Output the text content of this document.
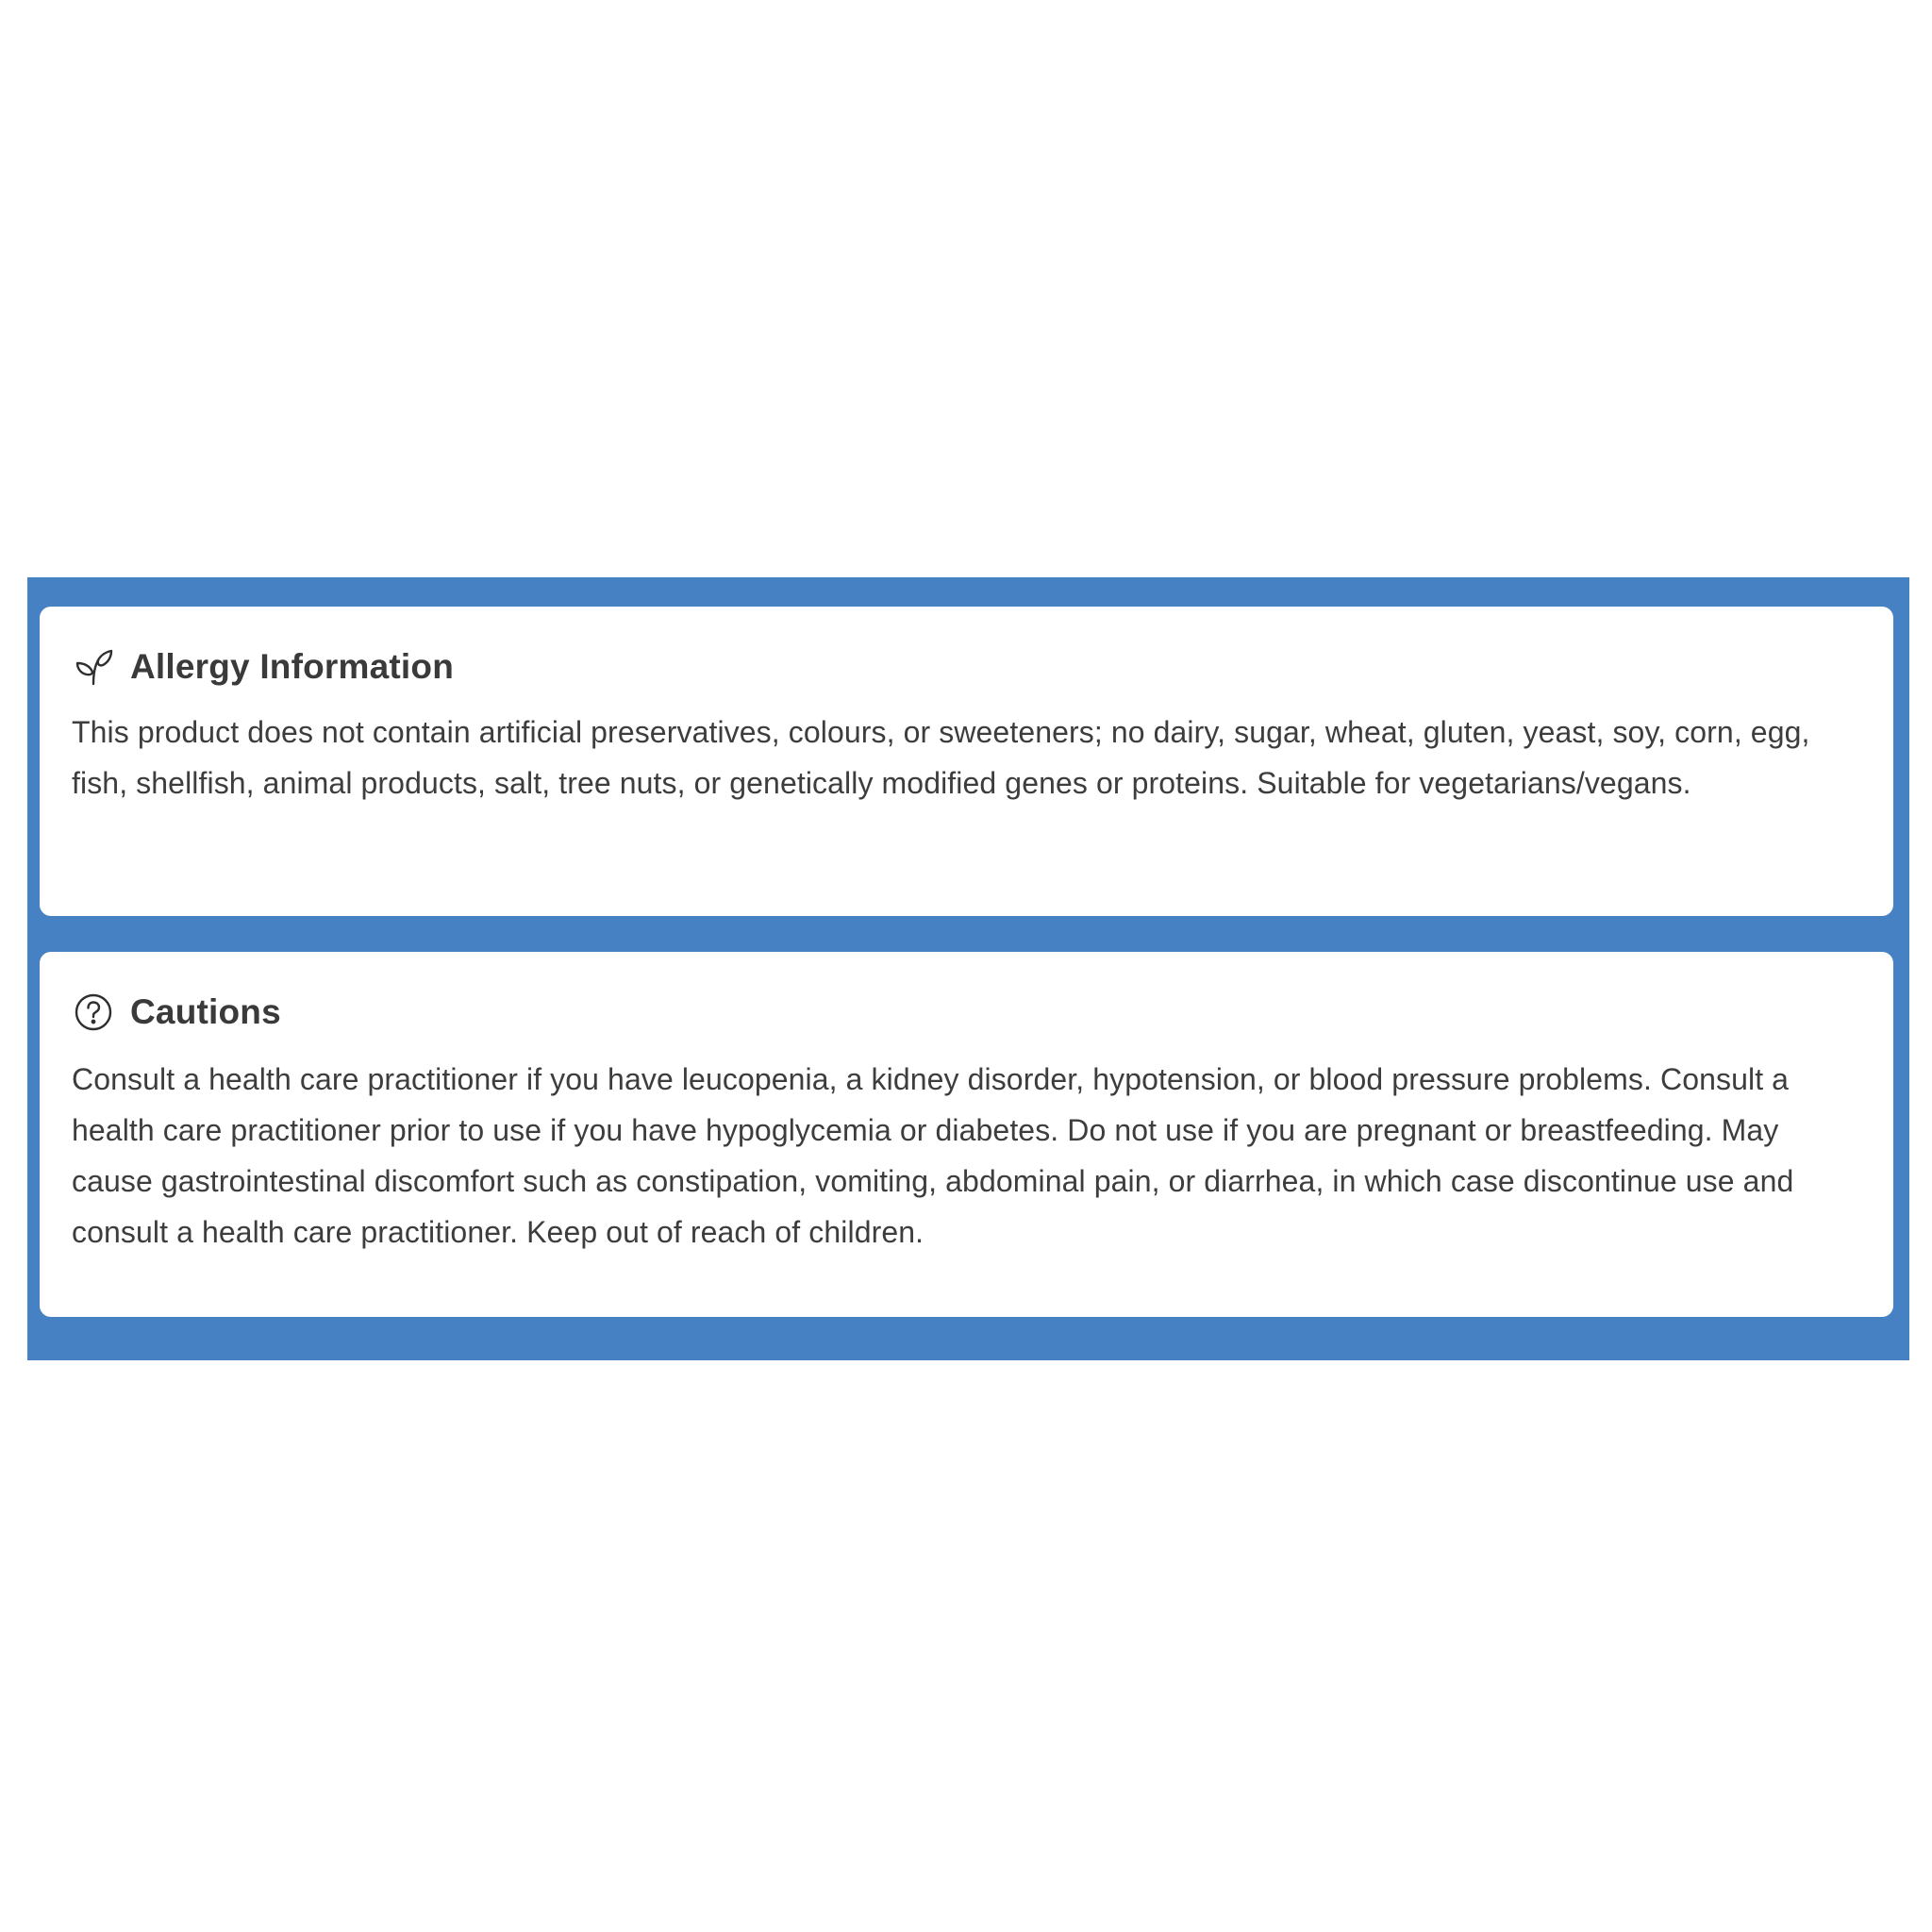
Allergy Information
This product does not contain artificial preservatives, colours, or sweeteners; no dairy, sugar, wheat, gluten, yeast, soy, corn, egg, fish, shellfish, animal products, salt, tree nuts, or genetically modified genes or proteins. Suitable for vegetarians/vegans.
Cautions
Consult a health care practitioner if you have leucopenia, a kidney disorder, hypotension, or blood pressure problems. Consult a health care practitioner prior to use if you have hypoglycemia or diabetes. Do not use if you are pregnant or breastfeeding. May cause gastrointestinal discomfort such as constipation, vomiting, abdominal pain, or diarrhea, in which case discontinue use and consult a health care practitioner. Keep out of reach of children.
